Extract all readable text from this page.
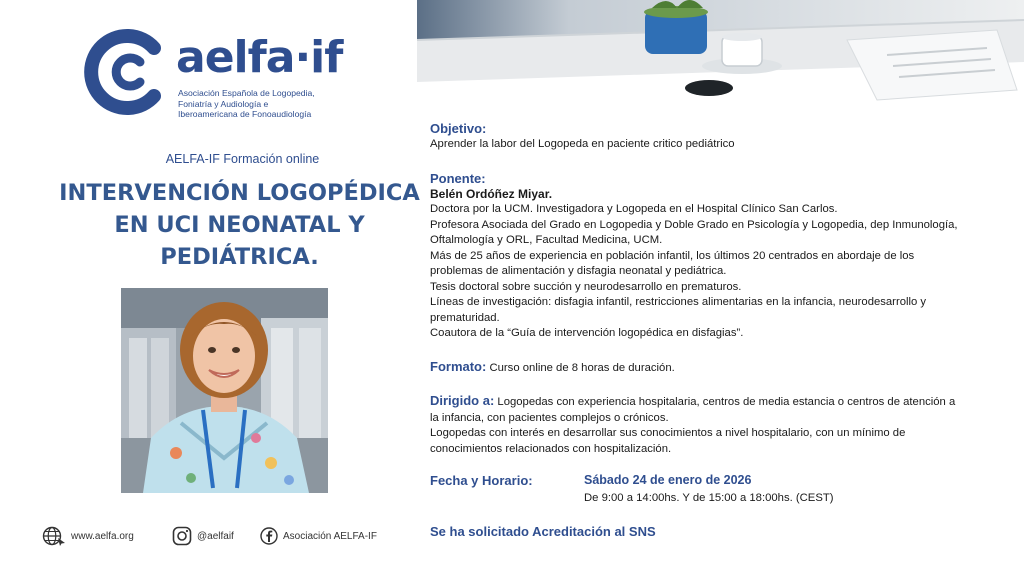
aelfa·if
Asociación Española de Logopedia,
Foniatría y Audiología e
Iberoamericana de Fonoaudiología
AELFA-IF Formación online
INTERVENCIÓN LOGOPÉDICA
EN UCI NEONATAL Y
PEDIÁTRICA.
Objetivo:
Aprender la labor del Logopeda en paciente critico pediátrico
Ponente:
Belén Ordóñez Miyar.
Doctora por la UCM. Investigadora y Logopeda en el Hospital Clínico San Carlos.
Profesora Asociada del Grado en Logopedia y Doble Grado en Psicología y Logopedia, dep Inmunología,
Oftalmología y ORL, Facultad Medicina, UCM.
Más de 25 años de experiencia en población infantil, los últimos 20 centrados en abordaje de los
problemas de alimentación y disfagia neonatal y pediátrica.
Tesis doctoral sobre succión y neurodesarrollo en prematuros.
Líneas de investigación: disfagia infantil, restricciones alimentarias en la infancia, neurodesarrollo y
prematuridad.
Coautora de la “Guía de intervención logopédica en disfagias”.
Formato: Curso online de 8 horas de duración.
Dirigido a: Logopedas con experiencia hospitalaria, centros de media estancia o centros de atención a
la infancia, con pacientes complejos o crónicos.
Logopedas con interés en desarrollar sus conocimientos a nivel hospitalario, con un mínimo de
conocimientos relacionados con hospitalización.
Fecha y Horario:	Sábado 24 de enero de 2026
De 9:00 a 14:00hs. Y de 15:00 a 18:00hs. (CEST)
Se ha solicitado Acreditación al SNS
www.aelfa.org	@aelfaif	Asociación AELFA-IF
